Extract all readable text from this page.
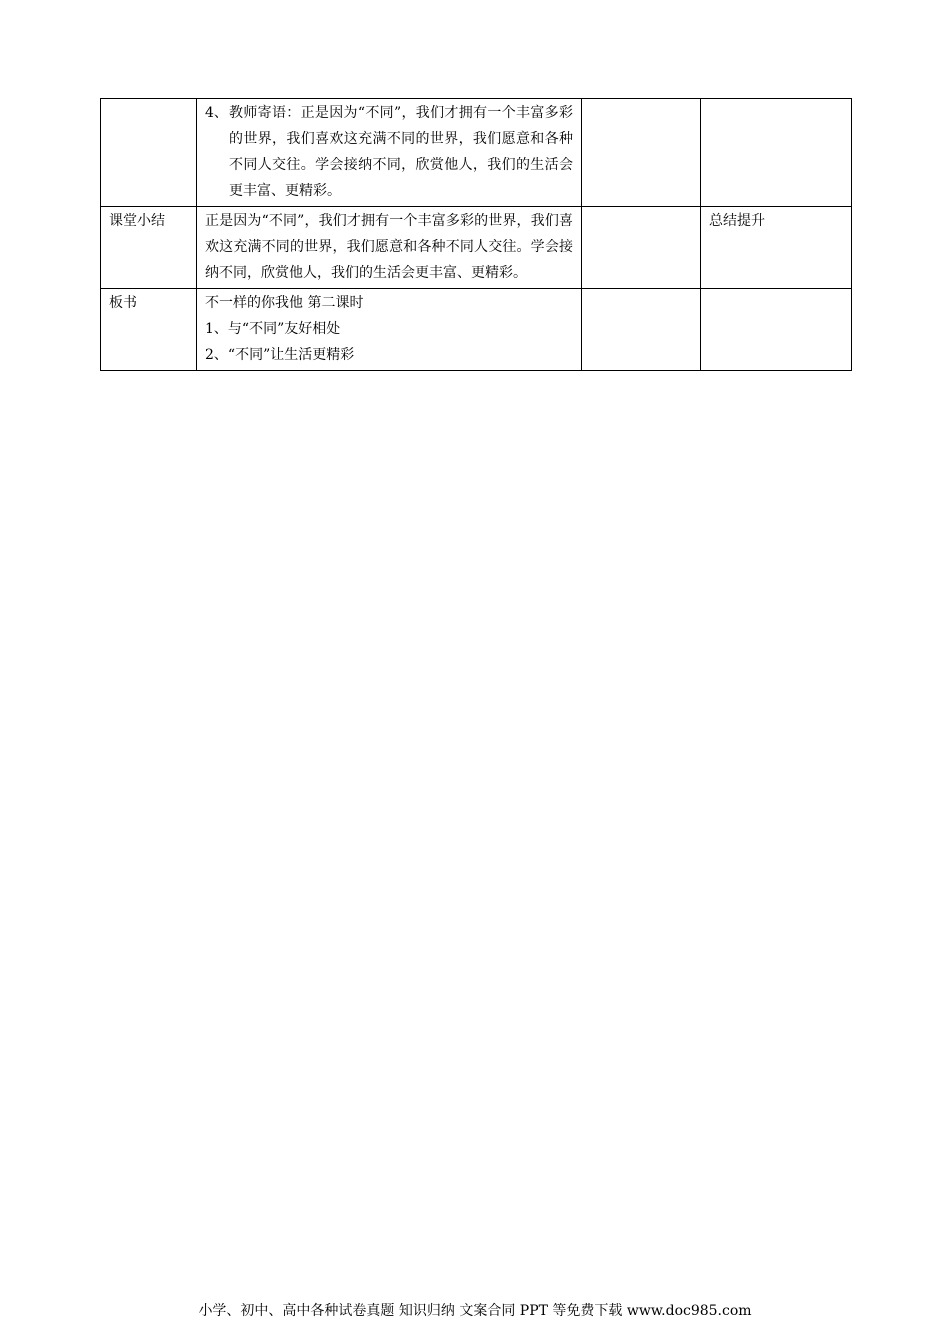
	4、 教师寄语：正是因为“不同”，我们才拥有一个丰富多彩的世界，我们喜欢这充满不同的世界，我们愿意和各种不同人交往。学会接纳不同，欣赏他人，我们的生活会更丰富、更精彩。		

课堂小结	正是因为“不同”，我们才拥有一个丰富多彩的世界，我们喜欢这充满不同的世界，我们愿意和各种不同人交往。学会接纳不同，欣赏他人，我们的生活会更丰富、更精彩。		总结提升
板书	不一样的你我他 第二课时
1、与“不同”友好相处
2、“不同”让生活更精彩		

小学、初中、高中各种试卷真题 知识归纳 文案合同 PPT 等免费下载 www.doc985.com
